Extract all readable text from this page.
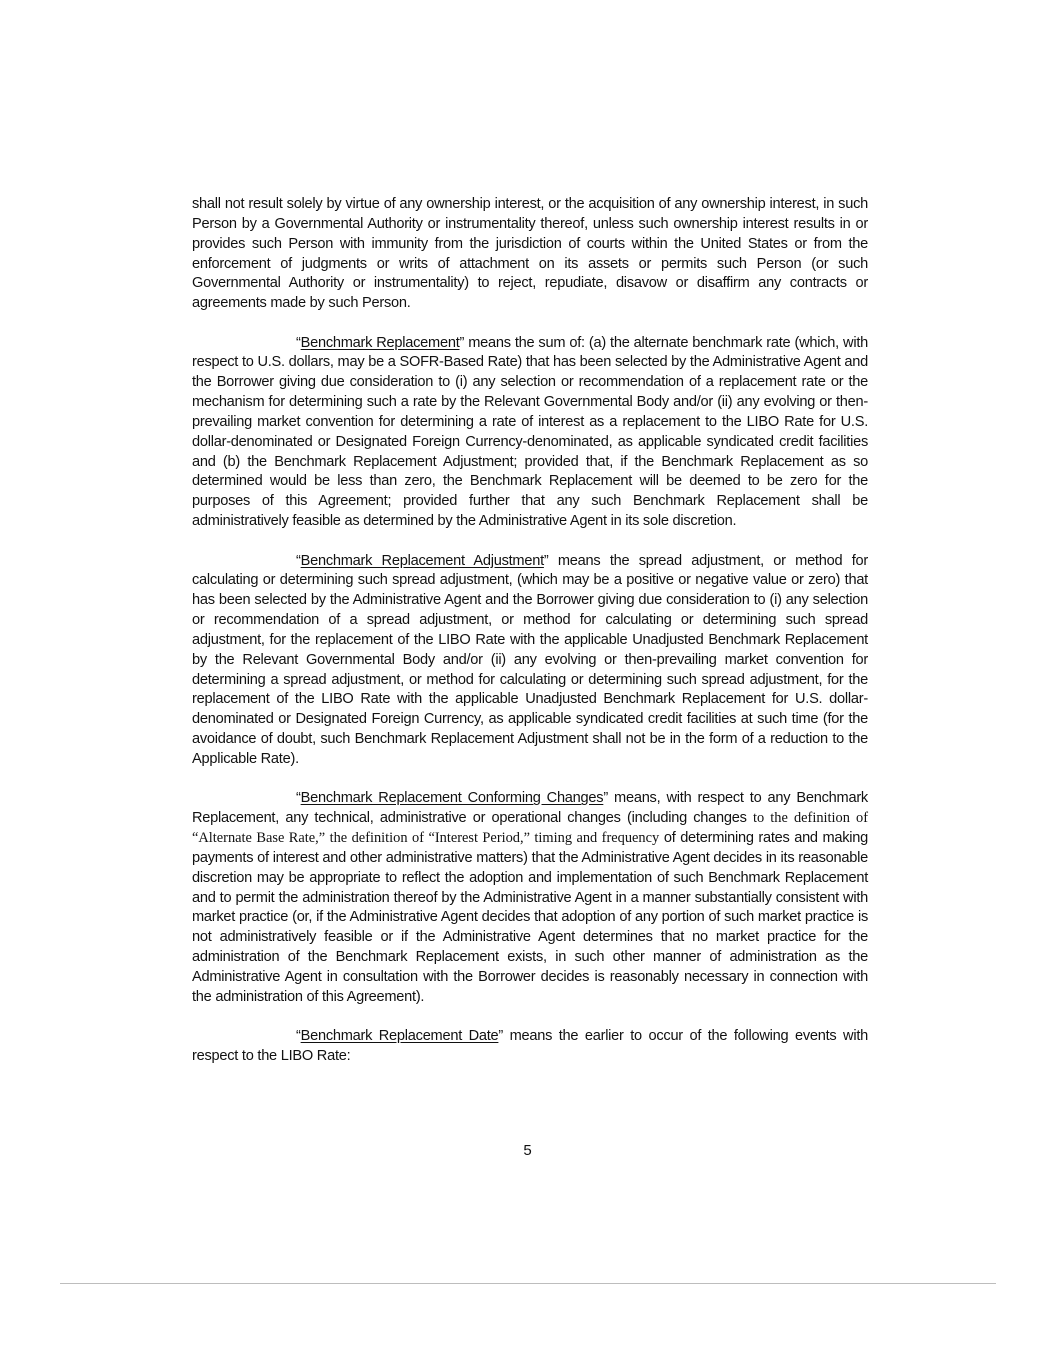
shall not result solely by virtue of any ownership interest, or the acquisition of any ownership interest, in such Person by a Governmental Authority or instrumentality thereof, unless such ownership interest results in or provides such Person with immunity from the jurisdiction of courts within the United States or from the enforcement of judgments or writs of attachment on its assets or permits such Person (or such Governmental Authority or instrumentality) to reject, repudiate, disavow or disaffirm any contracts or agreements made by such Person.

“Benchmark Replacement” means the sum of: (a) the alternate benchmark rate (which, with respect to U.S. dollars, may be a SOFR-Based Rate) that has been selected by the Administrative Agent and the Borrower giving due consideration to (i) any selection or recommendation of a replacement rate or the mechanism for determining such a rate by the Relevant Governmental Body and/or (ii) any evolving or then-prevailing market convention for determining a rate of interest as a replacement to the LIBO Rate for U.S. dollar-denominated or Designated Foreign Currency-denominated, as applicable syndicated credit facilities and (b) the Benchmark Replacement Adjustment; provided that, if the Benchmark Replacement as so determined would be less than zero, the Benchmark Replacement will be deemed to be zero for the purposes of this Agreement; provided further that any such Benchmark Replacement shall be administratively feasible as determined by the Administrative Agent in its sole discretion.

“Benchmark Replacement Adjustment” means the spread adjustment, or method for calculating or determining such spread adjustment, (which may be a positive or negative value or zero) that has been selected by the Administrative Agent and the Borrower giving due consideration to (i) any selection or recommendation of a spread adjustment, or method for calculating or determining such spread adjustment, for the replacement of the LIBO Rate with the applicable Unadjusted Benchmark Replacement by the Relevant Governmental Body and/or (ii) any evolving or then-prevailing market convention for determining a spread adjustment, or method for calculating or determining such spread adjustment, for the replacement of the LIBO Rate with the applicable Unadjusted Benchmark Replacement for U.S. dollar-denominated or Designated Foreign Currency, as applicable syndicated credit facilities at such time (for the avoidance of doubt, such Benchmark Replacement Adjustment shall not be in the form of a reduction to the Applicable Rate).

“Benchmark Replacement Conforming Changes” means, with respect to any Benchmark Replacement, any technical, administrative or operational changes (including changes to the definition of “Alternate Base Rate,” the definition of “Interest Period,” timing and frequency of determining rates and making payments of interest and other administrative matters) that the Administrative Agent decides in its reasonable discretion may be appropriate to reflect the adoption and implementation of such Benchmark Replacement and to permit the administration thereof by the Administrative Agent in a manner substantially consistent with market practice (or, if the Administrative Agent decides that adoption of any portion of such market practice is not administratively feasible or if the Administrative Agent determines that no market practice for the administration of the Benchmark Replacement exists, in such other manner of administration as the Administrative Agent in consultation with the Borrower decides is reasonably necessary in connection with the administration of this Agreement).

“Benchmark Replacement Date” means the earlier to occur of the following events with respect to the LIBO Rate:

5
